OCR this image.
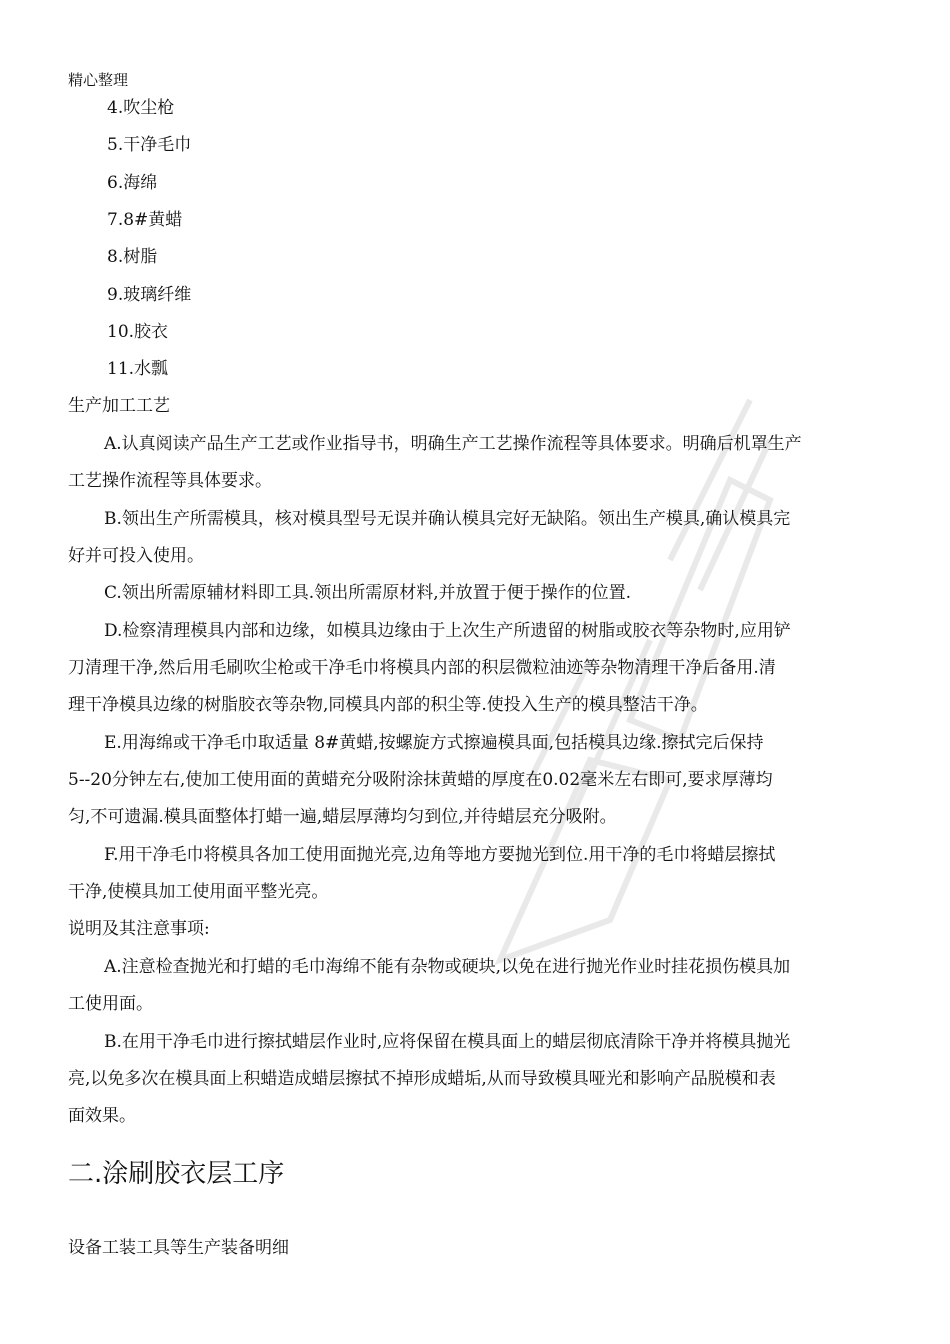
精心整理
4.吹尘枪
5.干净毛巾
6.海绵
7.8#黄蜡
8.树脂
9.玻璃纤维
10.胶衣
11.水瓢
生产加工工艺
A.认真阅读产品生产工艺或作业指导书，明确生产工艺操作流程等具体要求。明确后机罩生产
工艺操作流程等具体要求。
B.领出生产所需模具，核对模具型号无误并确认模具完好无缺陷。领出生产模具,确认模具完
好并可投入使用。
C.领出所需原辅材料即工具.领出所需原材料,并放置于便于操作的位置.
D.检察清理模具内部和边缘，如模具边缘由于上次生产所遗留的树脂或胶衣等杂物时,应用铲
刀清理干净,然后用毛刷吹尘枪或干净毛巾将模具内部的积层微粒油迹等杂物清理干净后备用.清
理干净模具边缘的树脂胶衣等杂物,同模具内部的积尘等.使投入生产的模具整洁干净。
E.用海绵或干净毛巾取适量 8#黄蜡,按螺旋方式擦遍模具面,包括模具边缘.擦拭完后保持
5--20分钟左右,使加工使用面的黄蜡充分吸附涂抹黄蜡的厚度在0.02毫米左右即可,要求厚薄均
匀,不可遗漏.模具面整体打蜡一遍,蜡层厚薄均匀到位,并待蜡层充分吸附。
F.用干净毛巾将模具各加工使用面抛光亮,边角等地方要抛光到位.用干净的毛巾将蜡层擦拭
干净,使模具加工使用面平整光亮。
说明及其注意事项:
A.注意检查抛光和打蜡的毛巾海绵不能有杂物或硬块,以免在进行抛光作业时挂花损伤模具加
工使用面。
B.在用干净毛巾进行擦拭蜡层作业时,应将保留在模具面上的蜡层彻底清除干净并将模具抛光
亮,以免多次在模具面上积蜡造成蜡层擦拭不掉形成蜡垢,从而导致模具哑光和影响产品脱模和表
面效果。
二.涂刷胶衣层工序
设备工装工具等生产装备明细
